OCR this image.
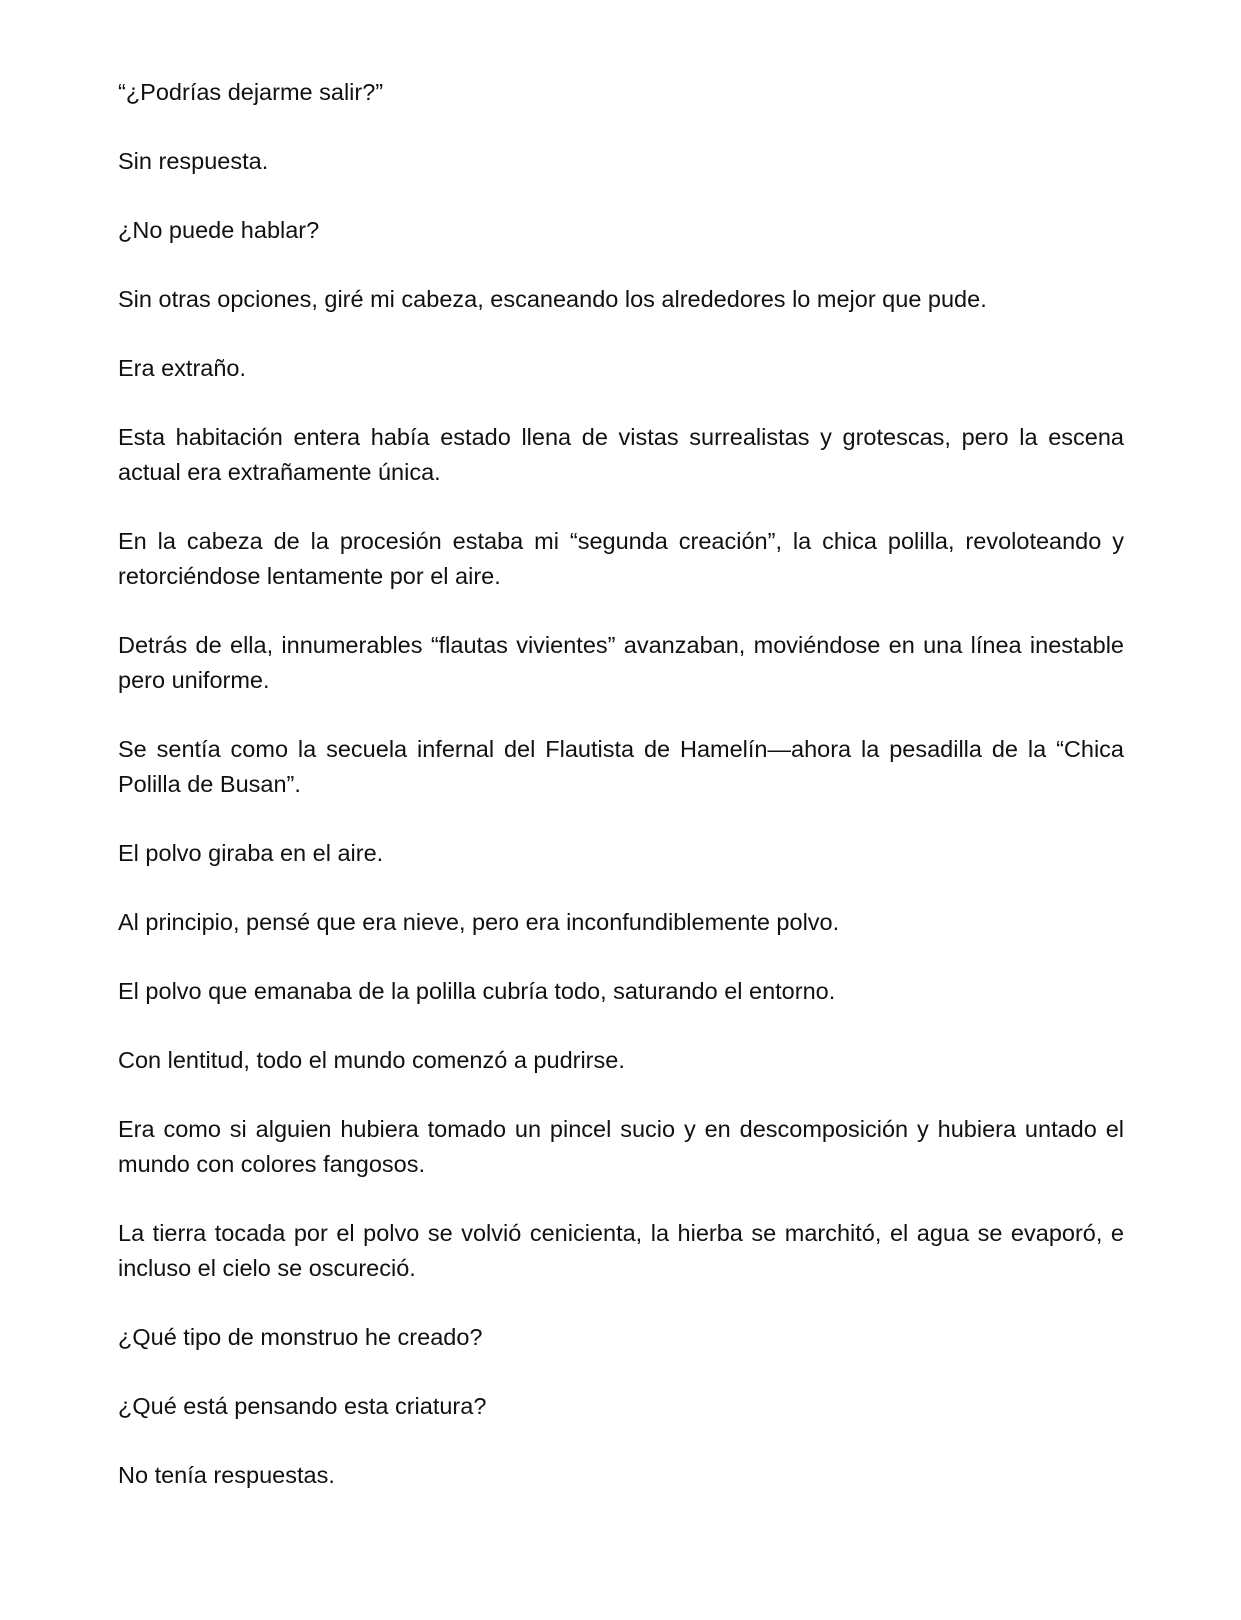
“¿Podrías dejarme salir?”

Sin respuesta.

¿No puede hablar?

Sin otras opciones, giré mi cabeza, escaneando los alrededores lo mejor que pude.

Era extraño.

Esta habitación entera había estado llena de vistas surrealistas y grotescas, pero la escena actual era extrañamente única.

En la cabeza de la procesión estaba mi “segunda creación”, la chica polilla, revoloteando y retorciéndose lentamente por el aire.

Detrás de ella, innumerables “flautas vivientes” avanzaban, moviéndose en una línea inestable pero uniforme.

Se sentía como la secuela infernal del Flautista de Hamelín—ahora la pesadilla de la “Chica Polilla de Busan”.

El polvo giraba en el aire.

Al principio, pensé que era nieve, pero era inconfundiblemente polvo.

El polvo que emanaba de la polilla cubría todo, saturando el entorno.

Con lentitud, todo el mundo comenzó a pudrirse.

Era como si alguien hubiera tomado un pincel sucio y en descomposición y hubiera untado el mundo con colores fangosos.

La tierra tocada por el polvo se volvió cenicienta, la hierba se marchitó, el agua se evaporó, e incluso el cielo se oscureció.

¿Qué tipo de monstruo he creado?

¿Qué está pensando esta criatura?

No tenía respuestas.
